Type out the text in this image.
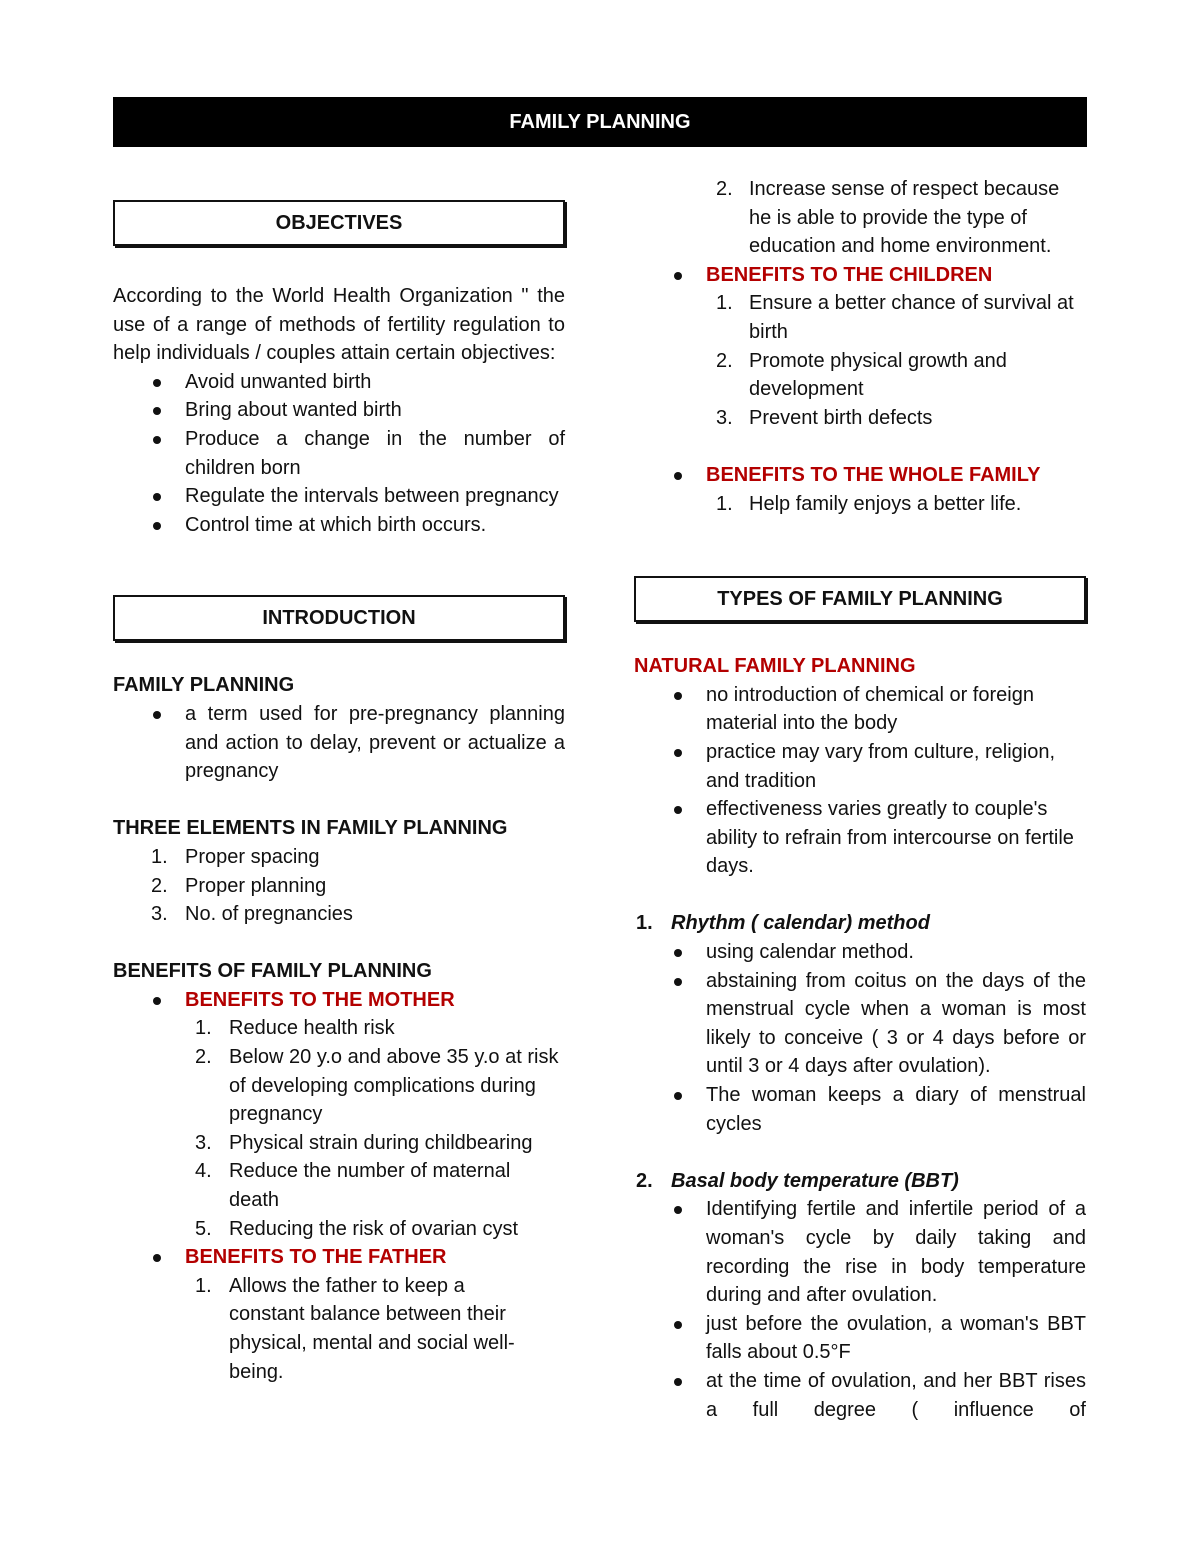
FAMILY PLANNING
OBJECTIVES
According to the World Health Organization " the use of a range of methods of fertility regulation to help individuals / couples attain certain objectives:
Avoid unwanted birth
Bring about wanted birth
Produce a change in the number of children born
Regulate the intervals between pregnancy
Control time at which birth occurs.
INTRODUCTION
FAMILY PLANNING
a term used for pre-pregnancy planning and action to delay, prevent or actualize a pregnancy
THREE ELEMENTS IN FAMILY PLANNING
1. Proper spacing
2. Proper planning
3. No. of pregnancies
BENEFITS OF FAMILY PLANNING
BENEFITS TO THE MOTHER
1. Reduce health risk
2. Below 20 y.o and above 35 y.o at risk of developing complications during pregnancy
3. Physical strain during childbearing
4. Reduce the number of maternal death
5. Reducing the risk of ovarian cyst
BENEFITS TO THE FATHER
1. Allows the father to keep a constant balance between their physical, mental and social well-being.
2. Increase sense of respect because he is able to provide the type of education and home environment.
BENEFITS TO THE CHILDREN
1. Ensure a better chance of survival at birth
2. Promote physical growth and development
3. Prevent birth defects
BENEFITS TO THE WHOLE FAMILY
1. Help family enjoys a better life.
TYPES OF FAMILY PLANNING
NATURAL FAMILY PLANNING
no introduction of chemical or foreign material into the body
practice may vary from culture, religion, and tradition
effectiveness varies greatly to couple's ability to refrain from intercourse on fertile days.
1. Rhythm ( calendar) method
using calendar method.
abstaining from coitus on the days of the menstrual cycle when a woman is most likely to conceive ( 3 or 4 days before or until 3 or 4 days after ovulation).
The woman keeps a diary of menstrual cycles
2. Basal body temperature (BBT)
Identifying fertile and infertile period of a woman's cycle by daily taking and recording the rise in body temperature during and after ovulation.
just before the ovulation, a woman's BBT falls about 0.5°F
at the time of ovulation, and her BBT rises a full degree ( influence of
